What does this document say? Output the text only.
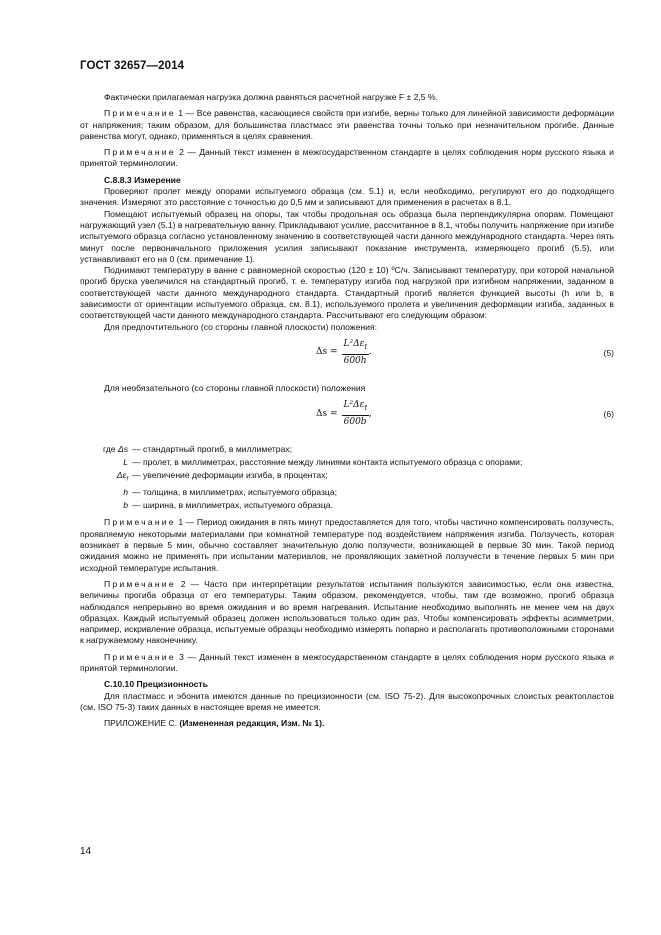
ГОСТ 32657—2014

Фактически прилагаемая нагрузка должна равняться расчетной нагрузке F ± 2,5 %.

Примечание 1 — Все равенства, касающиеся свойств при изгибе, верны только для линейной зависимости деформации от напряжения; таким образом, для большинства пластмасс эти равенства точны только при незначительном прогибе. Данные равенства могут, однако, применяться в целях сравнения.

Примечание 2 — Данный текст изменен в межгосударственном стандарте в целях соблюдения норм русского языка и принятой терминологии.

С.8.8.3 Измерение

Проверяют пролет между опорами испытуемого образца (см. 5.1) и, если необходимо, регулируют его до подходящего значения. Измеряют это расстояние с точностью до 0,5 мм и записывают для применения в расчетах в 8.1.

Помещают испытуемый образец на опоры, так чтобы продольная ось образца была перпендикулярна опорам. Помещают нагружающий узел (5.1) в нагревательную ванну. Прикладывают усилие, рассчитанное в 8.1, чтобы получить напряжение при изгибе испытуемого образца согласно установленному значению в соответствующей части данного международного стандарта. Через пять минут после первоначального приложения усилия записывают показание инструмента, измеряющего прогиб (5.5), или устанавливают его на 0 (см. примечание 1).

Поднимают температуру в ванне с равномерной скоростью (120 ± 10) ºС/ч. Записывают температуру, при которой начальной прогиб бруска увеличился на стандартный прогиб, т. е. температуру изгиба под нагрузкой при изгибном напряжении, заданном в соответствующей части данного международного стандарта. Стандартный прогиб является функцией высоты (h или b, в зависимости от ориентации испытуемого образца, см. 8.1), используемого пролета и увеличения деформации изгиба, заданных в соответствующей части данного международного стандарта. Рассчитывают его следующим образом:

Для предпочтительного (со стороны главной плоскости) положения:

$\Delta s = \frac{L^2\Delta\varepsilon_f}{600h}$ .	(5)

Для необязательного (со стороны главной плоскости) положения

$\Delta s = \frac{L^2\Delta\varepsilon_f}{600b}$ ,	(6)
где Δs — стандартный прогиб, в миллиметрах;
L — пролет, в миллиметрах, расстояние между линиями контакта испытуемого образца с опорами;
$\Delta\varepsilon_f$ — увеличение деформации изгиба, в процентах;
h — толщина, в миллиметрах, испытуемого образца;
b — ширина, в миллиметрах, испытуемого образца.

Примечание 1 — Период ожидания в пять минут предоставляется для того, чтобы частично компенсировать ползучесть, проявляемую некоторыми материалами при комнатной температуре под воздействием напряжения изгиба. Ползучесть, которая возникает в первые 5 мин, обычно составляет значительную долю ползучести, возникающей в первые 30 мин. Такой период ожидания можно не применять при испытании материалов, не проявляющих заметной ползучести в течение первых 5 мин при исходной температуре испытания.

Примечание 2 — Часто при интерпретации результатов испытания пользуются зависимостью, если она известна, величины прогиба образца от его температуры. Таким образом, рекомендуется, чтобы, там где возможно, прогиб образца наблюдался непрерывно во время ожидания и во время нагревания. Испытание необходимо выполнять не менее чем на двух образцах. Каждый испытуемый образец должен использоваться только один раз. Чтобы компенсировать эффекты асимметрии, например, искривление образца, испытуемые образцы необходимо измерять попарно и располагать противоположными сторонами к нагружаемому наконечнику.

Примечание 3 — Данный текст изменен в межгосударственном стандарте в целях соблюдения норм русского языка и принятой терминологии.

С.10.10 Прецизионность

Для пластмасс и эбонита имеются данные по прецизионности (см. ISO 75-2). Для высокопрочных слоистых реактопластов (см. ISO 75-3) таких данных в настоящее время не имеется.

ПРИЛОЖЕНИЕ С. (Измененная редакция, Изм. № 1).

14
